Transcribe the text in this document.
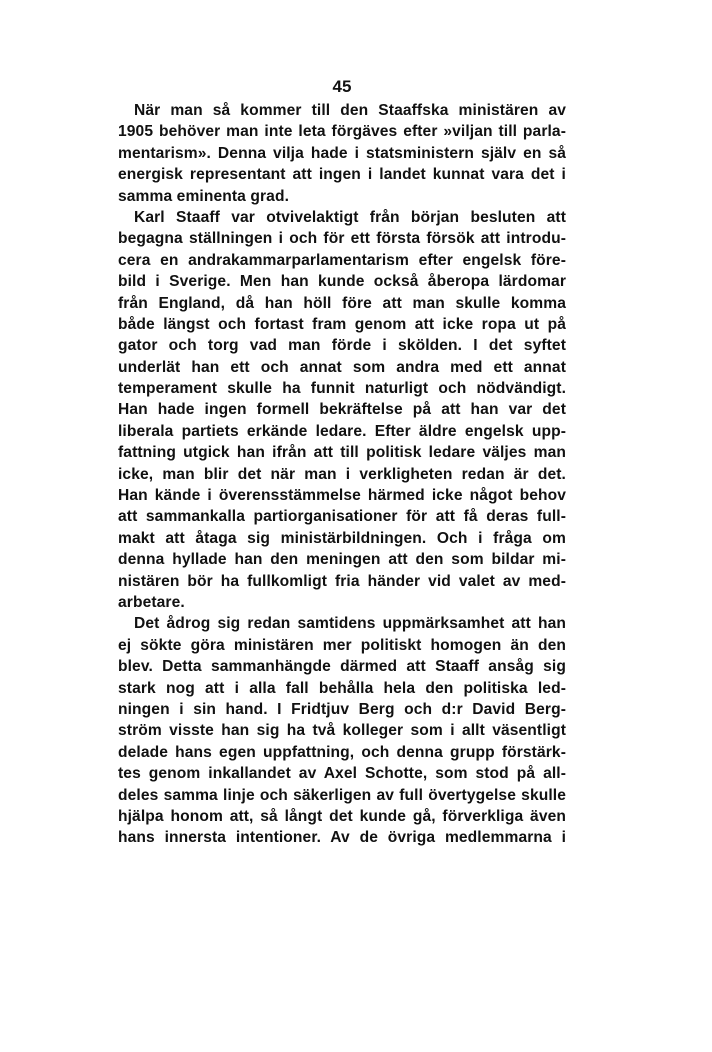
45
När man så kommer till den Staaffska ministären av
1905 behöver man inte leta förgäves efter »viljan till parla-
mentarism». Denna vilja hade i statsministern själv en så
energisk representant att ingen i landet kunnat vara det i
samma eminenta grad.
Karl Staaff var otvivelaktigt från början besluten att
begagna ställningen i och för ett första försök att introdu-
cera en andrakammarparlamentarism efter engelsk före-
bild i Sverige. Men han kunde också åberopa lärdomar
från England, då han höll före att man skulle komma
både längst och fortast fram genom att icke ropa ut på
gator och torg vad man förde i skölden. I det syftet
underlät han ett och annat som andra med ett annat
temperament skulle ha funnit naturligt och nödvändigt.
Han hade ingen formell bekräftelse på att han var det
liberala partiets erkände ledare. Efter äldre engelsk upp-
fattning utgick han ifrån att till politisk ledare väljes man
icke, man blir det när man i verkligheten redan är det.
Han kände i överensstämmelse härmed icke något behov
att sammankalla partiorganisationer för att få deras full-
makt att åtaga sig ministärbildningen. Och i fråga om
denna hyllade han den meningen att den som bildar mi-
nistären bör ha fullkomligt fria händer vid valet av med-
arbetare.
Det ådrog sig redan samtidens uppmärksamhet att han
ej sökte göra ministären mer politiskt homogen än den
blev. Detta sammanhängde därmed att Staaff ansåg sig
stark nog att i alla fall behålla hela den politiska led-
ningen i sin hand. I Fridtjuv Berg och d:r David Berg-
ström visste han sig ha två kolleger som i allt väsentligt
delade hans egen uppfattning, och denna grupp förstärk-
tes genom inkallandet av Axel Schotte, som stod på all-
deles samma linje och säkerligen av full övertygelse skulle
hjälpa honom att, så långt det kunde gå, förverkliga även
hans innersta intentioner. Av de övriga medlemmarna i
